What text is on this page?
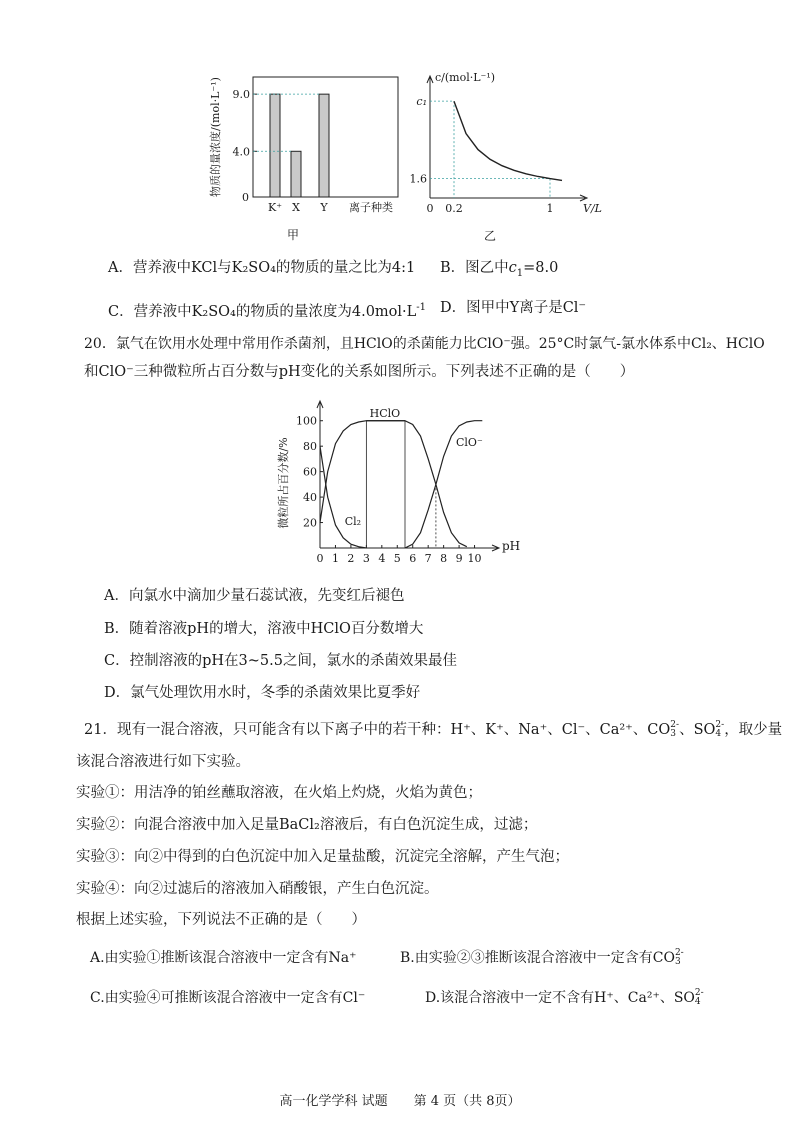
物质的量浓度/(mol·L⁻¹) 9.0
4.0
0
K⁺ X Y 离子种类
甲
c/(mol·L⁻¹)
V/L
0 0.2	1
c₁
1.6
乙
A．营养液中KCl与K₂SO₄的物质的量之比为4:1 B．图乙中$c_1=8.0$
C．营养液中K₂SO₄的物质的量浓度为$4.0mol\cdot L^{-1}$ D．图甲中Y离子是Cl⁻
20．氯气在饮用水处理中常用作杀菌剂，且HClO的杀菌能力比ClO⁻强。25°C时氯气-氯水体系中Cl₂、HClO
和ClO⁻三种微粒所占百分数与pH变化的关系如图所示。下列表述不正确的是（　　）
微粒所占百分数/%
pH
0 1 2 3 4 5 6 7 8 9 10
20
40
60
80
100
Cl₂
HClO
ClO⁻
A．向氯水中滴加少量石蕊试液，先变红后褪色
B．随着溶液pH的增大，溶液中HClO百分数增大
C．控制溶液的pH在3~5.5之间，氯水的杀菌效果最佳
D．氯气处理饮用水时，冬季的杀菌效果比夏季好
21．现有一混合溶液，只可能含有以下离子中的若干种：H⁺、K⁺、Na⁺、Cl⁻、Ca²⁺、CO2-
3 、SO2-
4 ，取少量
该混合溶液进行如下实验。
实验①：用洁净的铂丝蘸取溶液，在火焰上灼烧，火焰为黄色；
实验②：向混合溶液中加入足量BaCl₂溶液后，有白色沉淀生成，过滤；
实验③：向②中得到的白色沉淀中加入足量盐酸，沉淀完全溶解，产生气泡；
实验④：向②过滤后的溶液加入硝酸银，产生白色沉淀。
根据上述实验，下列说法不正确的是（　　）
A.由实验①推断该混合溶液中一定含有Na⁺	B.由实验②③推断该混合溶液中一定含有CO2-
3
C.由实验④可推断该混合溶液中一定含有Cl⁻	D.该混合溶液中一定不含有H⁺、Ca²⁺、SO2-
4
高一化学学科 试题　　第 4 页（共 8页）
